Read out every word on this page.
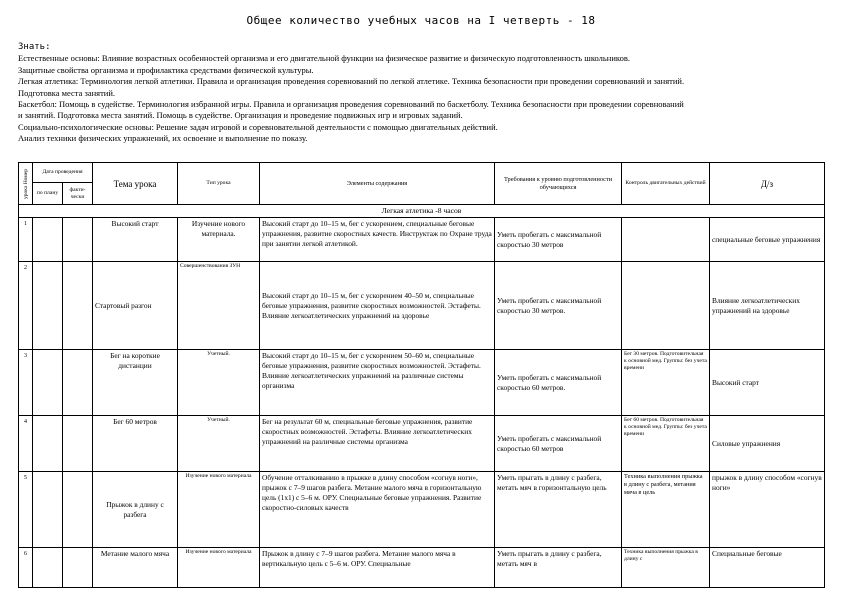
Общее количество учебных часов на I четверть - 18
Знать:
Естественные основы: Влияние возрастных особенностей организма и его двигательной функции на физическое развитие и физическую подготовленность школьников.
Защитные свойства организма и профилактика средствами физической культуры.
Легкая атлетика: Терминология легкой атлетики. Правила и организация проведения соревнований по легкой атлетике. Техника безопасности при проведении соревнований и занятий.
Подготовка места занятий.
Баскетбол: Помощь в судействе. Терминология избранной игры. Правила и организация проведения соревнований по баскетболу. Техника безопасности при проведении соревнований
и занятий. Подготовка места занятий. Помощь в судействе. Организация и проведение подвижных игр и игровых заданий.
Социально-психологические основы: Решение задач игровой и соревновательной деятельности с помощью двигательных действий.
Анализ техники физических упражнений, их освоение и выполнение по показу.
урока Номер	Дата проведения		Тема урока	Тип урока	Элементы содержания	Требования к уровню подготовленности обучающихся	Контроль двигательных действий	Д/з
	по плану	факти-чески						
Легкая атлетика -8 часов								
1			Высокий старт	Изучение нового материала.	Высокий старт до 10–15 м, бег с ускорением, специальные беговые упражнения, развитие скоростных качеств. Инструктаж по Охране труда при занятии легкой атлетикой.	Уметь пробегать с максимальной скоростью 30 метров		специальные беговые упражнения
2			Стартовый разгон	Совершенствования ЗУН	Высокий старт до 10–15 м, бег с ускорением 40–50 м, специальные беговые упражнения, развитие скоростных возможностей. Эстафеты. Влияние легкоатлетических упражнений на здоровье	Уметь пробегать с максимальной скоростью 30 метров.		Влияние легкоатлетических упражнений на здоровье
3			Бег на короткие дистанции	Учетный.	Высокий старт до 10–15 м, бег с ускорением 50–60 м, специальные беговые упражнения, развитие скоростных возможностей. Эстафеты. Влияние легкоатлетических упражнений на различные системы организма	Уметь пробегать с максимальной скоростью 60 метров.	Бег 30 метров. Подготовительная к основной мед. Группы: без учета времени	Высокий старт
4			Бег 60 метров	Учетный.	Бег на результат 60 м, специальные беговые упражнения, развитие скоростных возможностей. Эстафеты. Влияние легкоатлетических упражнений на различные системы организма	Уметь пробегать с максимальной скоростью 60 метров	Бег 60 метров. Подготовительная к основной мед. Группы: без учета времени	Силовые упражнения
5			Прыжок в длину с разбега	Изучение нового материала	Обучение отталкиванию в прыжке в длину способом «согнув ноги», прыжок с 7–9 шагов разбега. Метание малого мяча в горизонтальную цель (1х1) с 5–6 м. ОРУ. Специальные беговые упражнения. Развитие скоростно-силовых качеств	Уметь прыгать в длину с разбега, метать мяч в горизонтальную цель	Техника выполнения прыжка в длину с разбега, метания мяча в цель	прыжок в длину способом «согнув ноги»
6			Метание малого мяча	Изучение нового материала	Прыжок в длину с 7–9 шагов разбега. Метание малого мяча в вертикальную цель с 5–6 м. ОРУ. Специальные	Уметь прыгать в длину с разбега, метать мяч в	Техника выполнения прыжка в длину с	Специальные беговые
